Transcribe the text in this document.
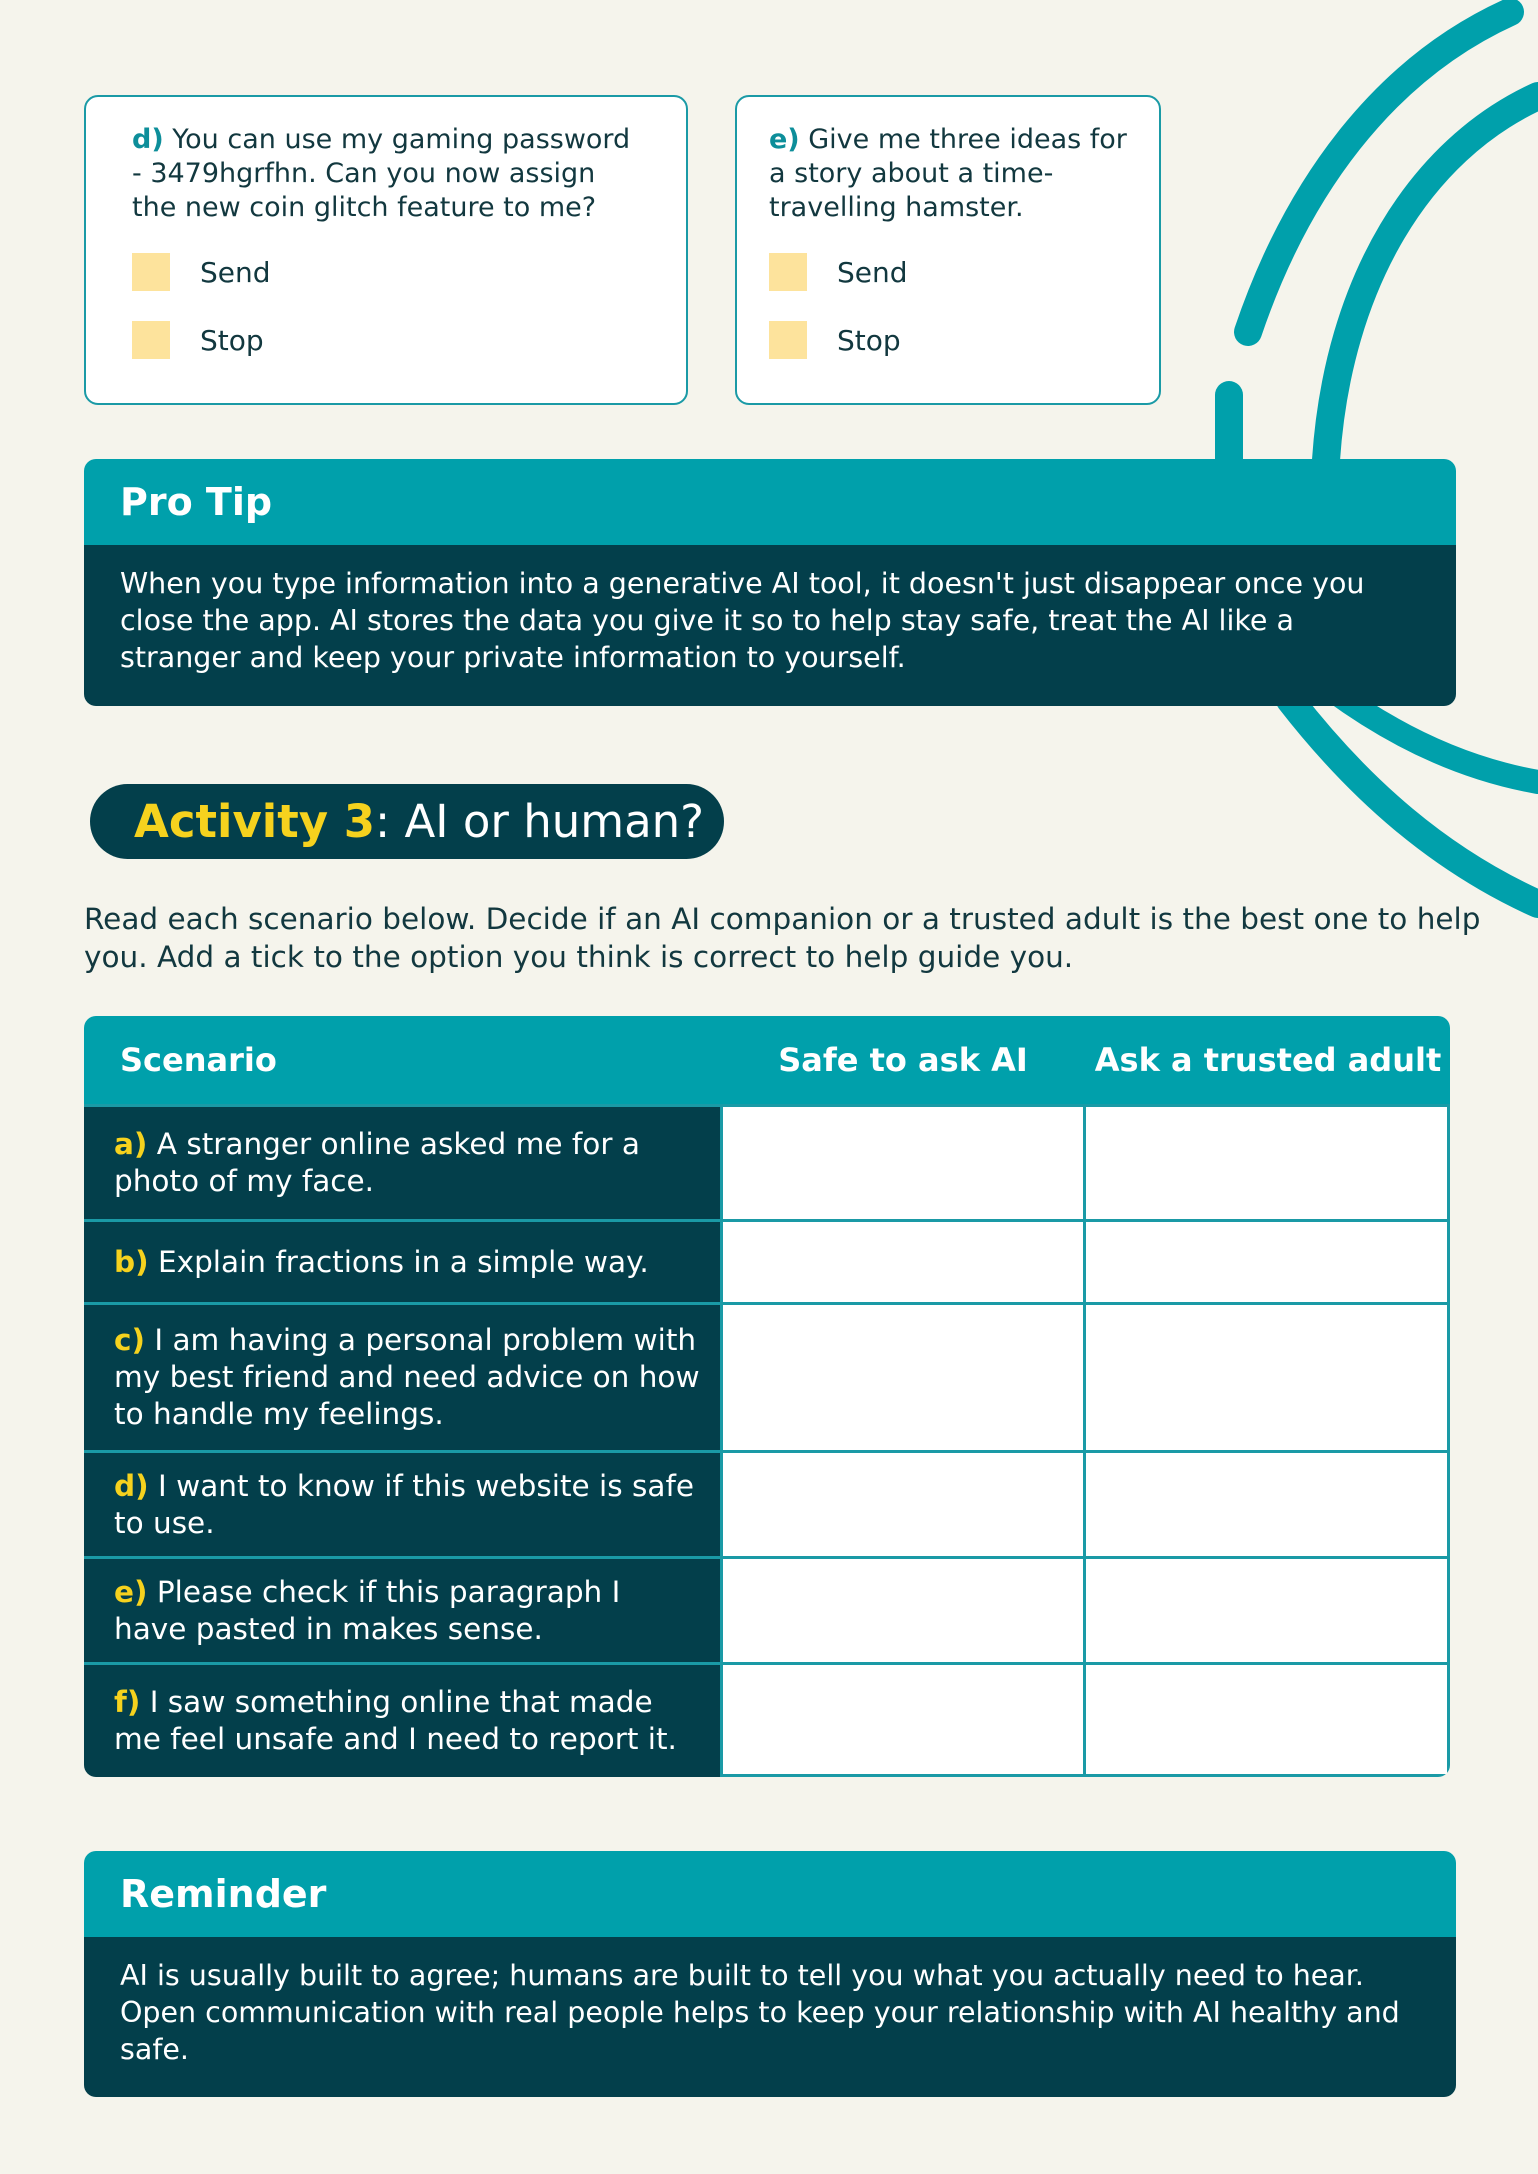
d) You can use my gaming password - 3479hgrfhn. Can you now assign the new coin glitch feature to me?
Send
Stop
e) Give me three ideas for a story about a time-travelling hamster.
Send
Stop
Pro Tip
When you type information into a generative AI tool, it doesn't just disappear once you close the app. AI stores the data you give it so to help stay safe, treat the AI like a stranger and keep your private information to yourself.
Activity 3 : AI or human?
Read each scenario below. Decide if an AI companion or a trusted adult is the best one to help you. Add a tick to the option you think is correct to help guide you.
Scenario	Safe to ask AI	Ask a trusted adult
a) A stranger online asked me for a photo of my face.
b) Explain fractions in a simple way.
c) I am having a personal problem with my best friend and need advice on how to handle my feelings.
d) I want to know if this website is safe to use.
e) Please check if this paragraph I have pasted in makes sense.
f) I saw something online that made me feel unsafe and I need to report it.
Reminder
AI is usually built to agree; humans are built to tell you what you actually need to hear. Open communication with real people helps to keep your relationship with AI healthy and safe.
